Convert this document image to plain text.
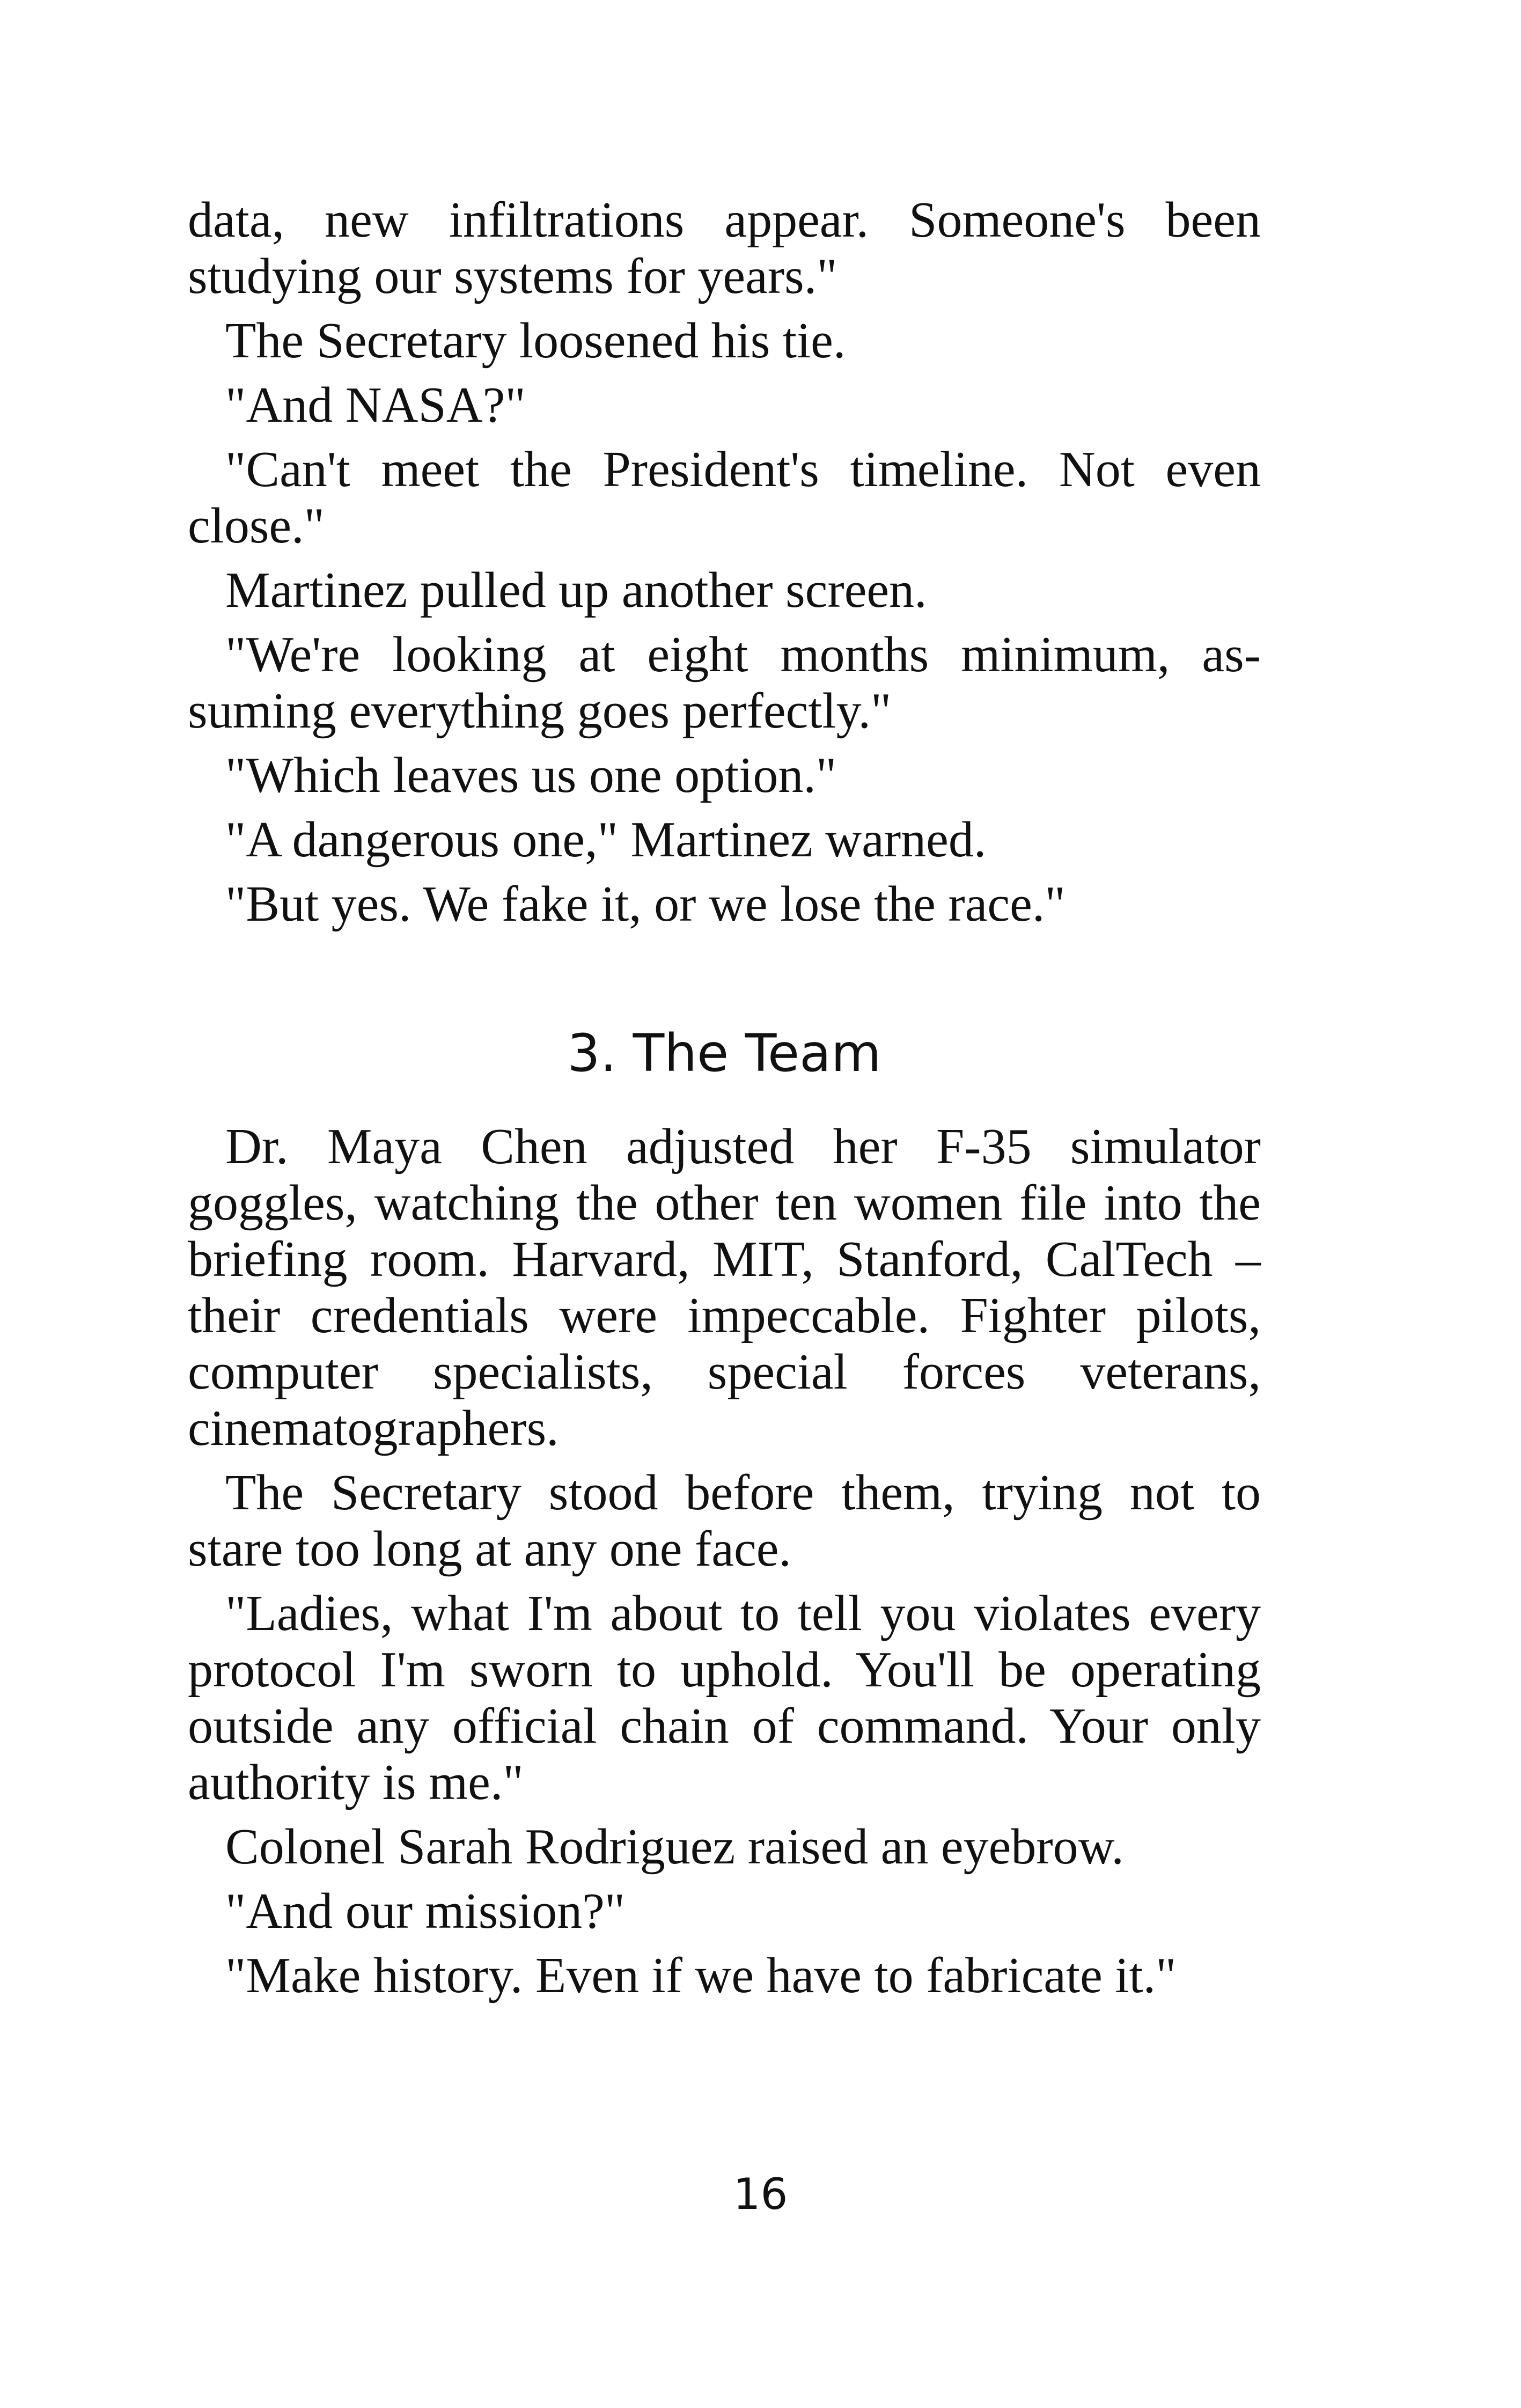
data, new infiltrations appear. Someone's been studying our systems for years."

The Secretary loosened his tie.

"And NASA?"

"Can't meet the President's timeline. Not even close."

Martinez pulled up another screen.

"We're looking at eight months minimum, assuming everything goes perfectly."

"Which leaves us one option."

"A dangerous one," Martinez warned.

"But yes. We fake it, or we lose the race."

3. The Team

Dr. Maya Chen adjusted her F-35 simulator goggles, watching the other ten women file into the briefing room. Harvard, MIT, Stanford, CalTech – their credentials were impeccable. Fighter pilots, computer specialists, special forces veterans, cinematographers.

The Secretary stood before them, trying not to stare too long at any one face.

"Ladies, what I'm about to tell you violates every protocol I'm sworn to uphold. You'll be operating outside any official chain of command. Your only authority is me."

Colonel Sarah Rodriguez raised an eyebrow.

"And our mission?"

"Make history. Even if we have to fabricate it."

16
